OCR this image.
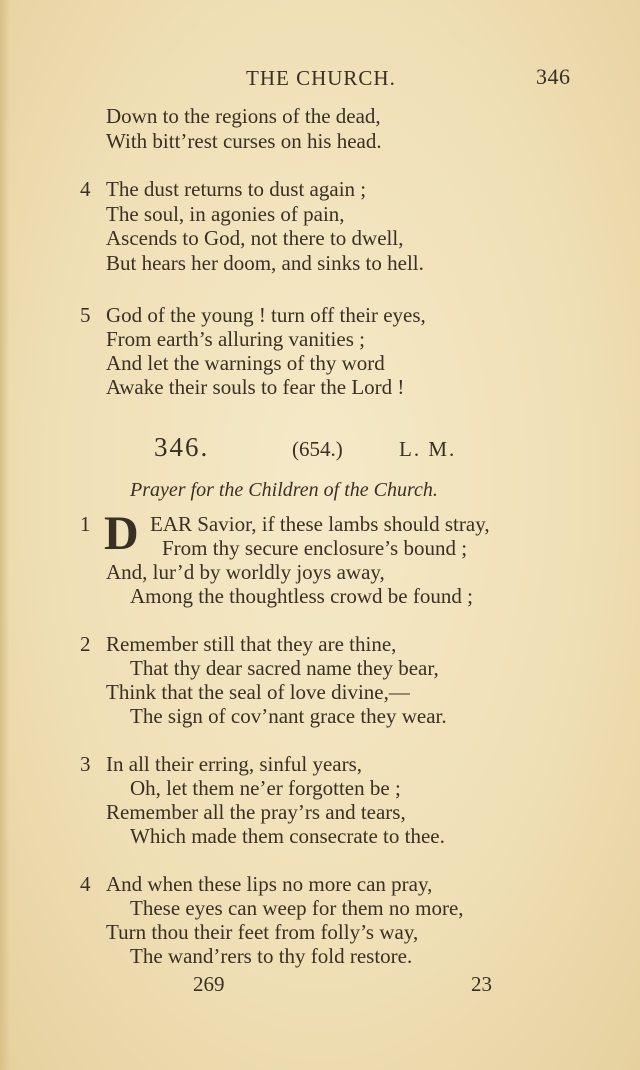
THE CHURCH.	346
Down to the regions of the dead,
With bitt’rest curses on his head.
4 The dust returns to dust again ;
The soul, in agonies of pain,
Ascends to God, not there to dwell,
But hears her doom, and sinks to hell.
5 God of the young ! turn off their eyes,
From earth’s alluring vanities ;
And let the warnings of thy word
Awake their souls to fear the Lord !
346.	(654.)	L. M.
Prayer for the Children of the Church.
1 D EAR Savior, if these lambs should stray,
From thy secure enclosure’s bound ;
And, lur’d by worldly joys away,
Among the thoughtless crowd be found ;
2 Remember still that they are thine,
That thy dear sacred name they bear,
Think that the seal of love divine,—
The sign of cov’nant grace they wear.
3 In all their erring, sinful years,
Oh, let them ne’er forgotten be ;
Remember all the pray’rs and tears,
Which made them consecrate to thee.
4 And when these lips no more can pray,
These eyes can weep for them no more,
Turn thou their feet from folly’s way,
The wand’rers to thy fold restore.
269	23
